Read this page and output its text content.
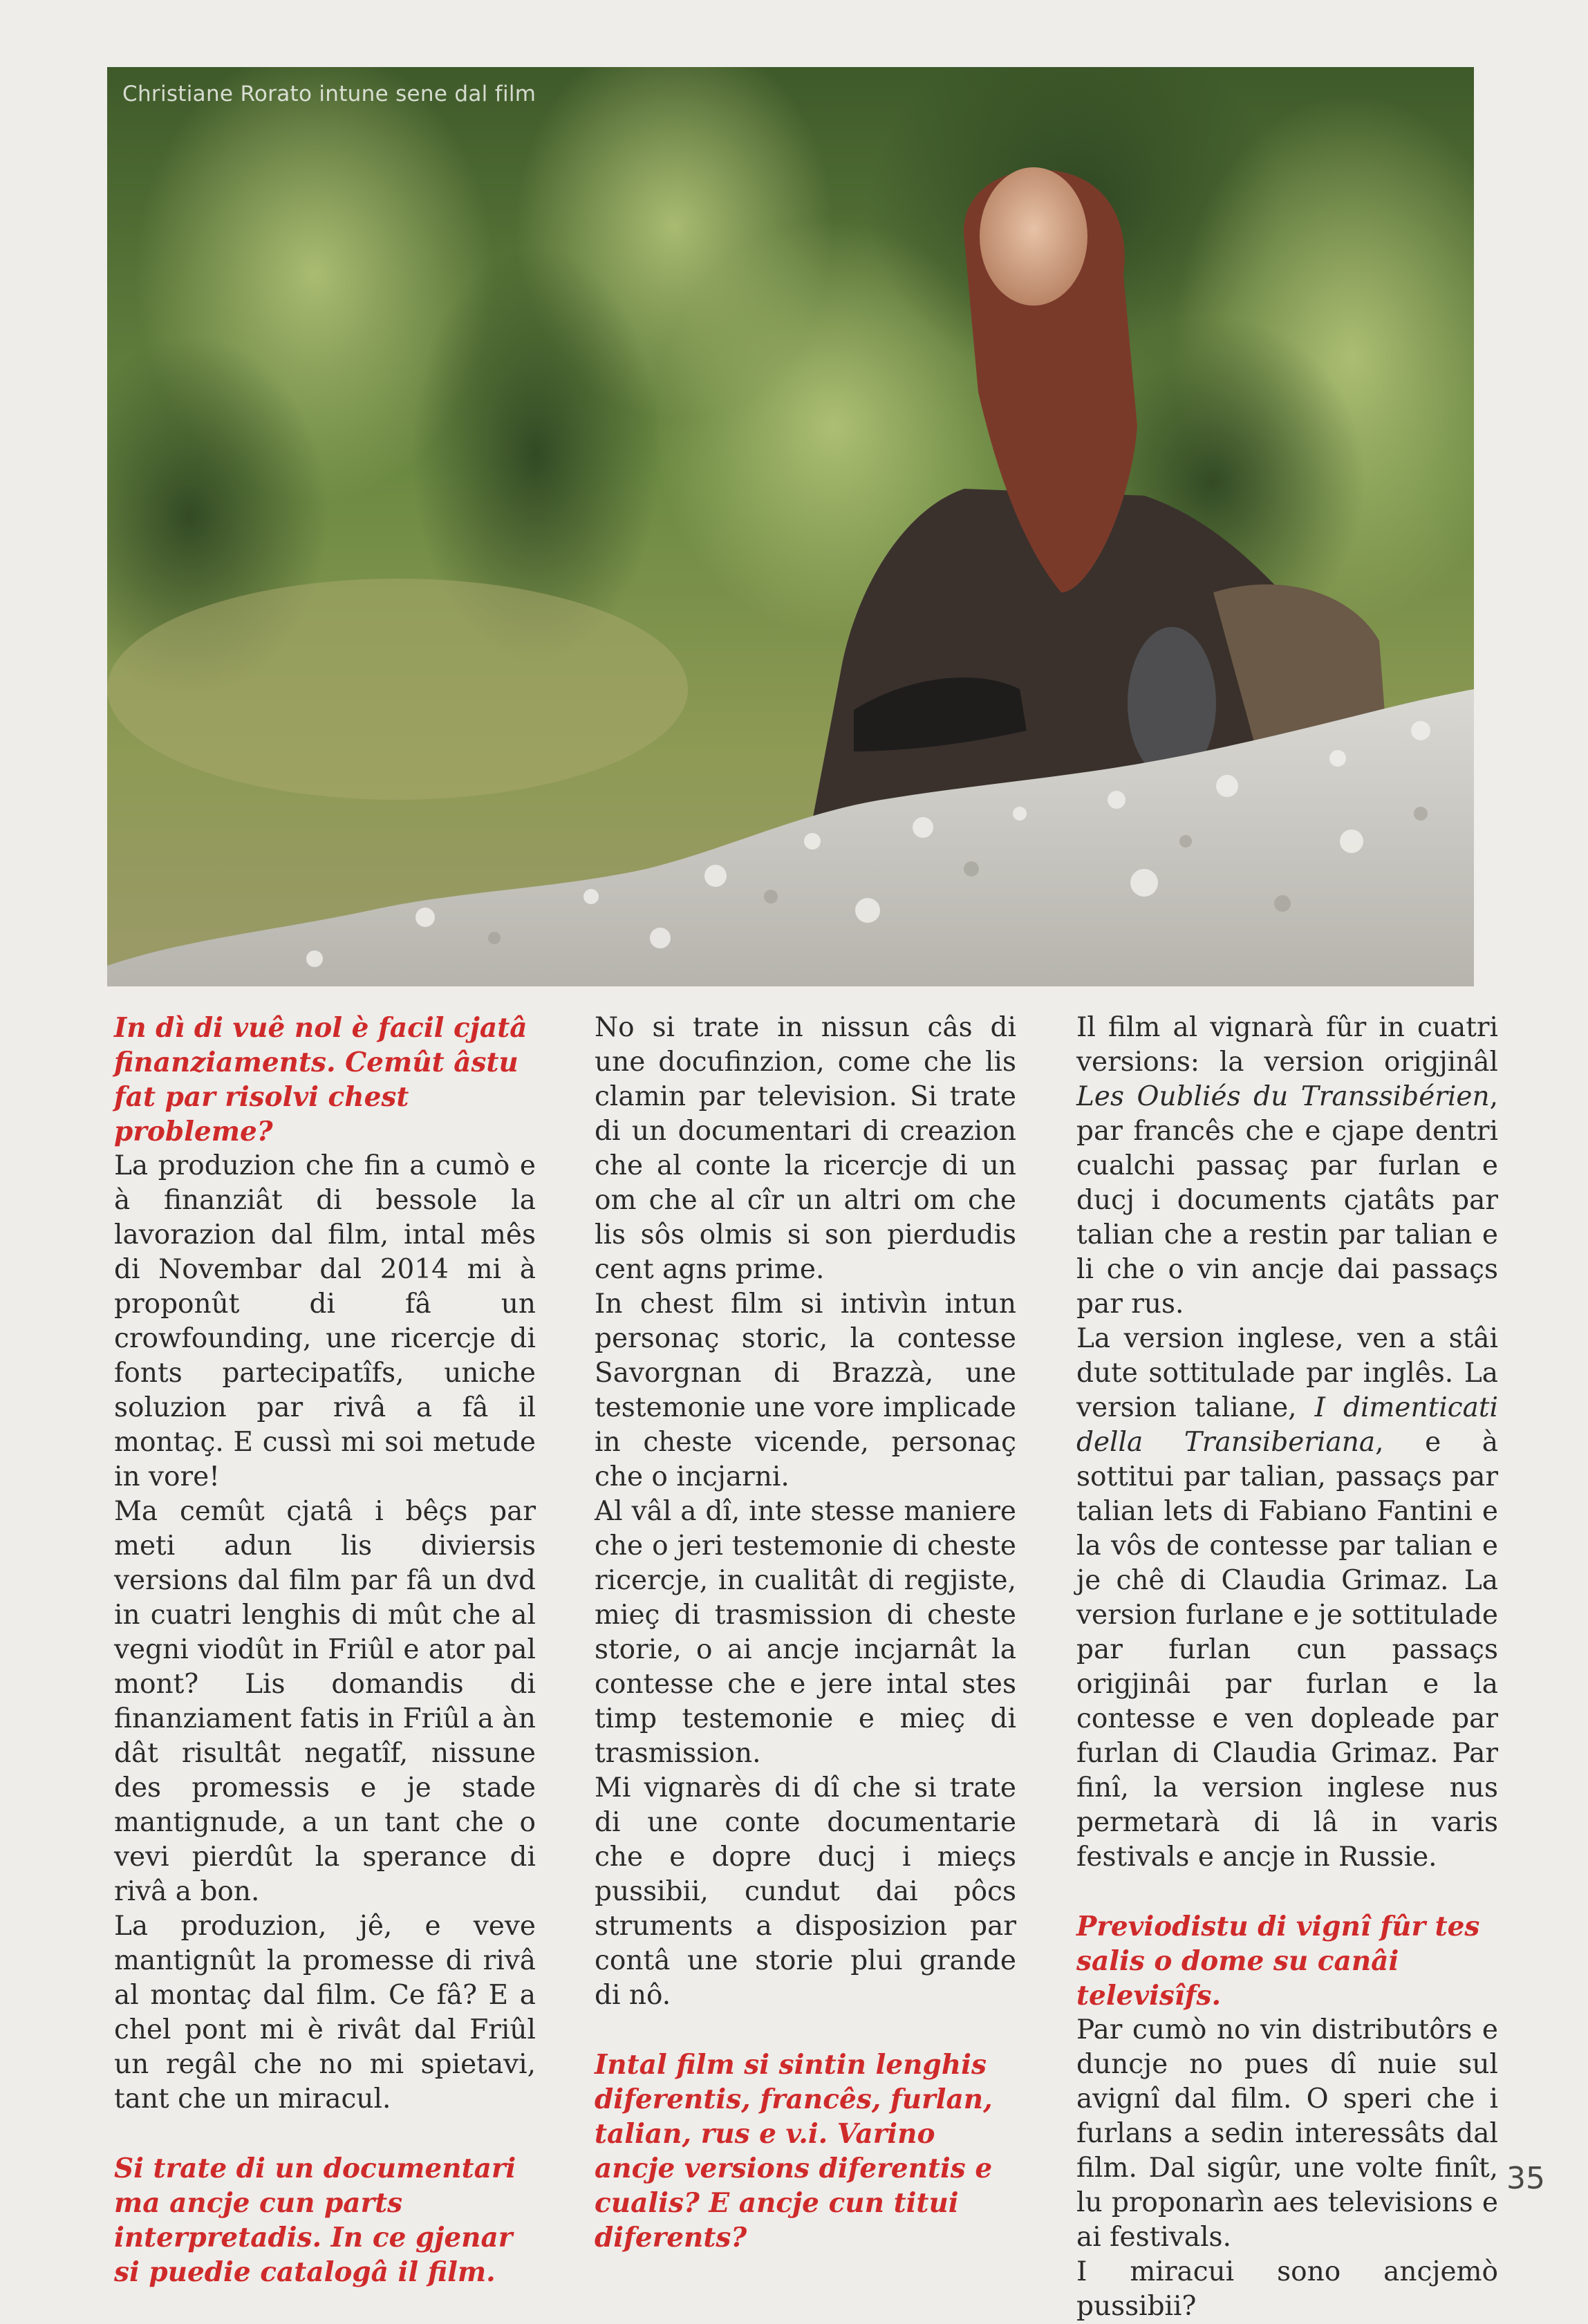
Christiane Rorato intune sene dal film

In dì di vuê nol è facil cjatâ finanziaments. Cemût âstu fat par risolvi chest probleme?

La produzion che fin a cumò e à finanziât di bessole la lavorazion dal film, intal mês di Novembar dal 2014 mi à proponût di fâ un crowfounding, une ricercje di fonts partecipatîfs, uniche soluzion par rivâ a fâ il montaç. E cussì mi soi metude in vore!

Ma cemût cjatâ i bêçs par meti adun lis diviersis versions dal film par fâ un dvd in cuatri lenghis di mût che al vegni viodût in Friûl e ator pal mont? Lis domandis di finanziament fatis in Friûl a àn dât risultât negatîf, nissune des promessis e je stade mantignude, a un tant che o vevi pierdût la sperance di rivâ a bon.

La produzion, jê, e veve mantignût la promesse di rivâ al montaç dal film. Ce fâ? E a chel pont mi è rivât dal Friûl un regâl che no mi spietavi, tant che un miracul.

Si trate di un documentari ma ancje cun parts interpretadis. In ce gjenar si puedie catalogâ il film.

No si trate in nissun câs di une docufinzion, come che lis clamin par television. Si trate di un documentari di creazion che al conte la ricercje di un om che al cîr un altri om che lis sôs olmis si son pierdudis cent agns prime.

In chest film si intivìn intun personaç storic, la contesse Savorgnan di Brazzà, une testemonie une vore implicade in cheste vicende, personaç che o incjarni.

Al vâl a dî, inte stesse maniere che o jeri testemonie di cheste ricercje, in cualitât di regjiste, mieç di trasmission di cheste storie, o ai ancje incjarnât la contesse che e jere intal stes timp testemonie e mieç di trasmission.

Mi vignarès di dî che si trate di une conte documentarie che e dopre ducj i mieçs pussibii, cundut dai pôcs struments a disposizion par contâ une storie plui grande di nô.

Intal film si sintin lenghis diferentis, francês, furlan, talian, rus e v.i. Varino ancje versions diferentis e cualis? E ancje cun titui diferents?

Il film al vignarà fûr in cuatri versions: la version origjinâl Les Oubliés du Transsibérien, par francês che e cjape dentri cualchi passaç par furlan e ducj i documents cjatâts par talian che a restin par talian e li che o vin ancje dai passaçs par rus.

La version inglese, ven a stâi dute sottitulade par inglês. La version taliane, I dimenticati della Transiberiana, e à sottitui par talian, passaçs par talian lets di Fabiano Fantini e la vôs de contesse par talian e je chê di Claudia Grimaz. La version furlane e je sottitulade par furlan cun passaçs origjinâi par furlan e la contesse e ven dopleade par furlan di Claudia Grimaz. Par finî, la version inglese nus permetarà di lâ in varis festivals e ancje in Russie.

Previodistu di vignî fûr tes salis o dome su canâi televisîfs.

Par cumò no vin distributôrs e duncje no pues dî nuie sul avignî dal film. O speri che i furlans a sedin interessâts dal film. Dal sigûr, une volte finît, lu proponarìn aes televisions e ai festivals.

I miracui sono ancjemò pussibii?

35
